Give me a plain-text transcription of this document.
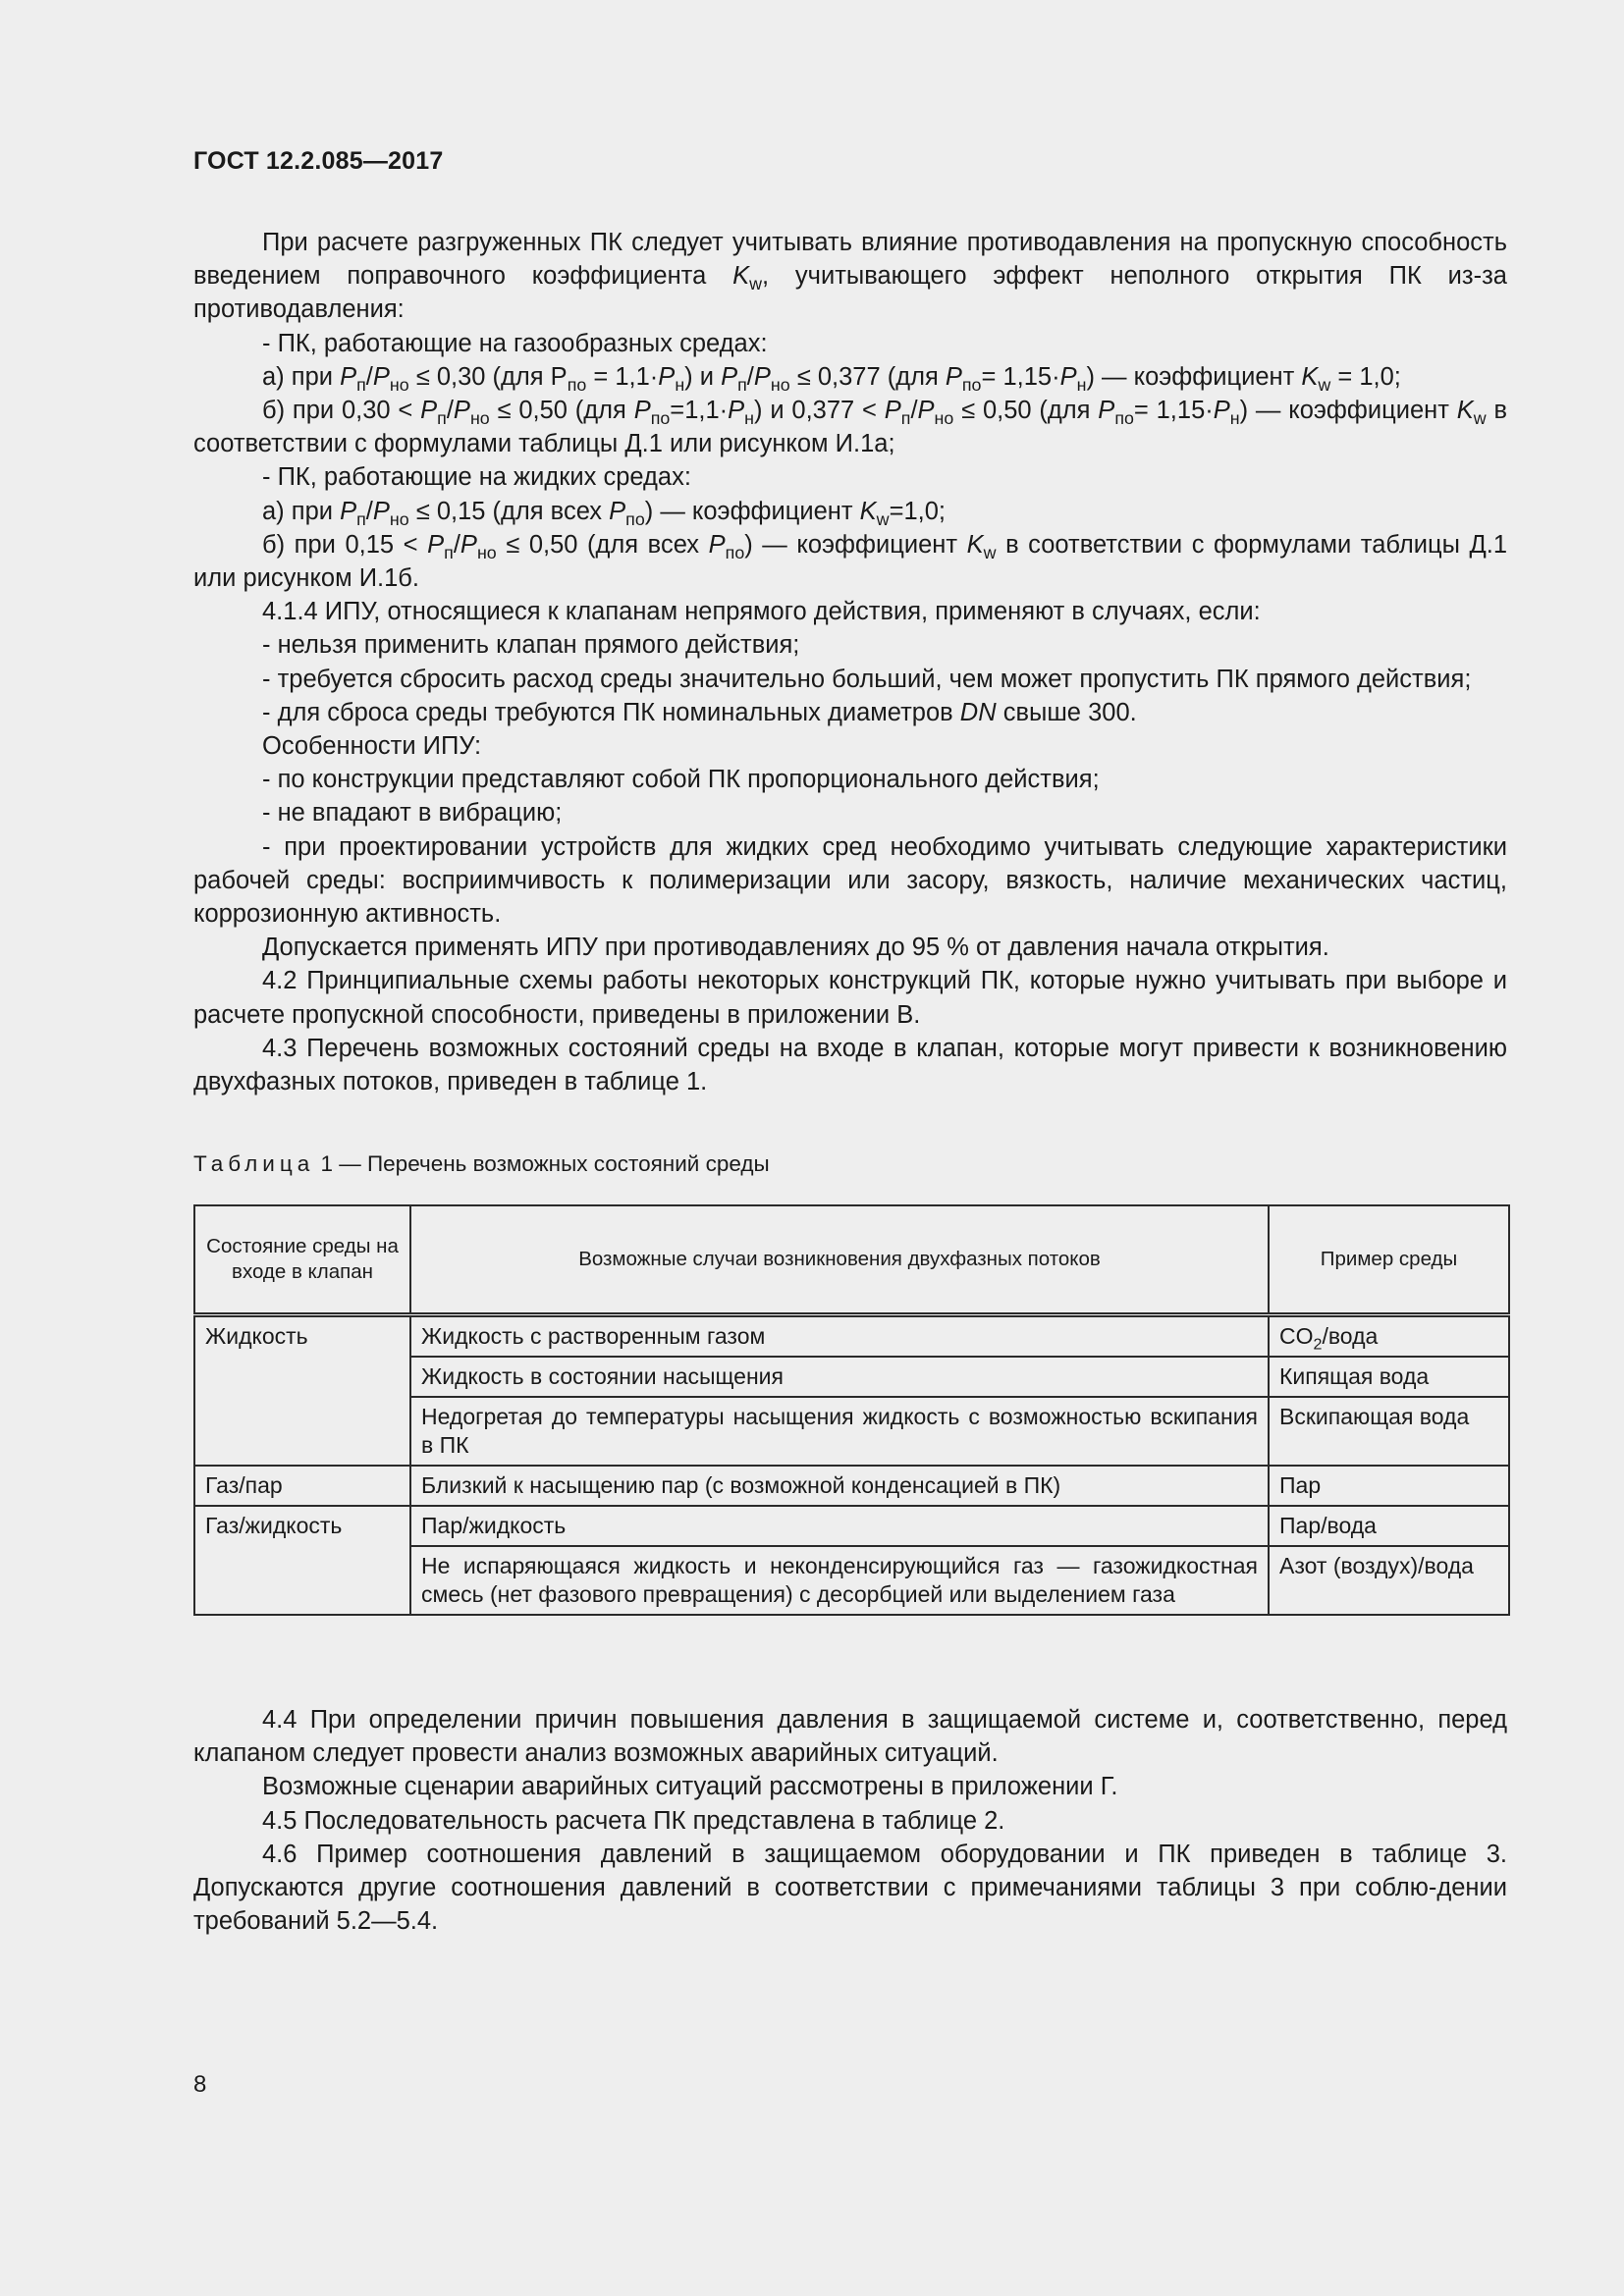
ГОСТ 12.2.085—2017

При расчете разгруженных ПК следует учитывать влияние противодавления на пропускную способность введением поправочного коэффициента $K_w$, учитывающего эффект неполного открытия ПК из-за противодавления:

- ПК, работающие на газообразных средах:

а) при $P_п/P_{но} \le 0,30$ (для $Р_{по} = 1,1\cdot P_н$) и $P_п/P_{но} \le 0,377$ (для $P_{по}= 1,15\cdot P_н$) — коэффициент $K_w = 1,0$;

б) при $0,30 < P_п/P_{но} \le 0,50$ (для $P_{по}=1,1\cdot P_н$) и $0,377 < P_п/P_{но} \le 0,50$ (для $P_{по}= 1,15\cdot P_н$) — коэффициент $K_w$ в соответствии с формулами таблицы Д.1 или рисунком И.1а;

- ПК, работающие на жидких средах:

а) при $P_п/P_{но} \le 0,15$ (для всех $P_{по}$) — коэффициент $K_w=1,0$;

б) при $0,15 < P_п/P_{но} \le 0,50$ (для всех $P_{по}$) — коэффициент $K_w$ в соответствии с формулами таблицы Д.1 или рисунком И.1б.

4.1.4 ИПУ, относящиеся к клапанам непрямого действия, применяют в случаях, если:

- нельзя применить клапан прямого действия;

- требуется сбросить расход среды значительно больший, чем может пропустить ПК прямого действия;

- для сброса среды требуются ПК номинальных диаметров DN свыше 300.

Особенности ИПУ:

- по конструкции представляют собой ПК пропорционального действия;

- не впадают в вибрацию;

- при проектировании устройств для жидких сред необходимо учитывать следующие характеристики рабочей среды: восприимчивость к полимеризации или засору, вязкость, наличие механических частиц, коррозионную активность.

Допускается применять ИПУ при противодавлениях до 95 % от давления начала открытия.

4.2 Принципиальные схемы работы некоторых конструкций ПК, которые нужно учитывать при выборе и расчете пропускной способности, приведены в приложении В.

4.3 Перечень возможных состояний среды на входе в клапан, которые могут привести к возникновению двухфазных потоков, приведен в таблице 1.

Таблица 1 — Перечень возможных состояний среды
Состояние среды на входе в клапан	Возможные случаи возникновения двухфазных потоков	Пример среды
Жидкость	Жидкость с растворенным газом	$CO_2$/вода
	Жидкость в состоянии насыщения	Кипящая вода
	Недогретая до температуры насыщения жидкость с возможностью вскипания в ПК	Вскипающая вода
Газ/пар	Близкий к насыщению пар (с возможной конденсацией в ПК)	Пар
Газ/жидкость	Пар/жидкость	Пар/вода
	Не испаряющаяся жидкость и неконденсирующийся газ — газожидкостная смесь (нет фазового превращения) с десорбцией или выделением газа	Азот (воздух)/вода

4.4 При определении причин повышения давления в защищаемой системе и, соответственно, перед клапаном следует провести анализ возможных аварийных ситуаций.

Возможные сценарии аварийных ситуаций рассмотрены в приложении Г.

4.5 Последовательность расчета ПК представлена в таблице 2.

4.6 Пример соотношения давлений в защищаемом оборудовании и ПК приведен в таблице 3. Допускаются другие соотношения давлений в соответствии с примечаниями таблицы 3 при соблю-дении требований 5.2—5.4.

8
